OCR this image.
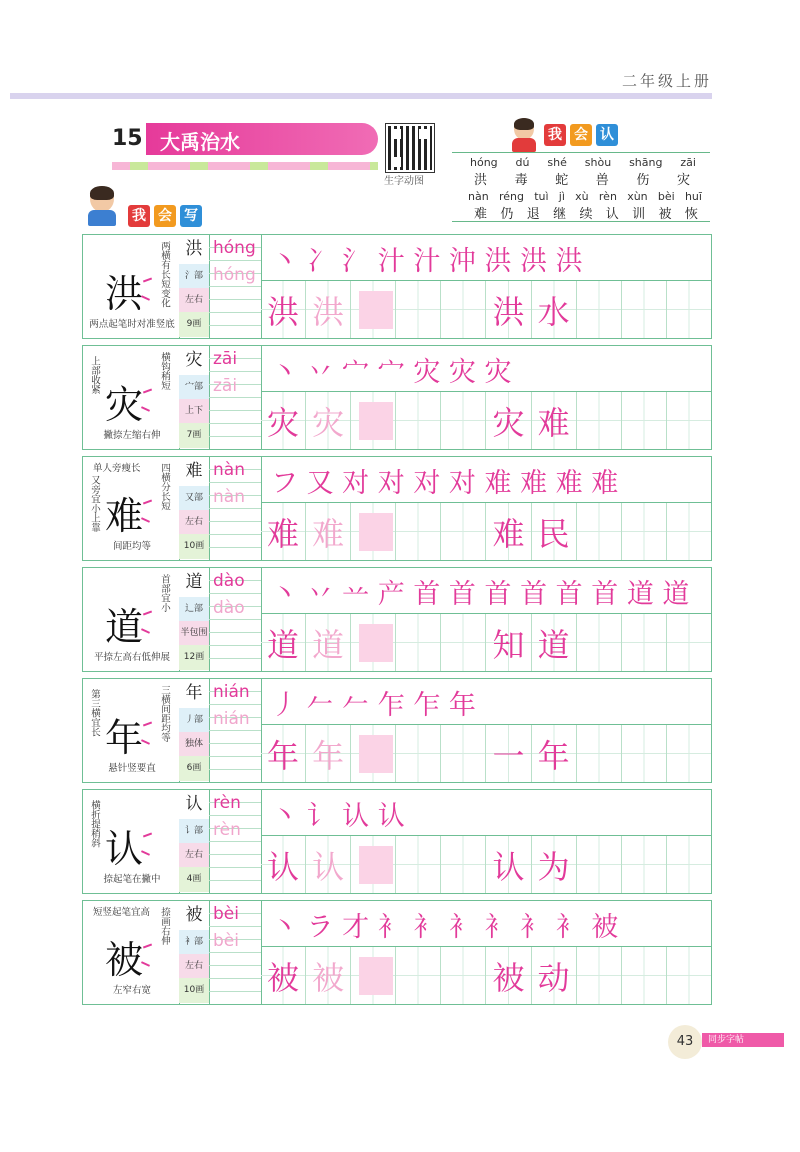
二年级上册
15 大禹治水
生字动图
我 会 认
hóng dú shé shòu shāng zāi
洪 毒 蛇 兽 伤 灾
nàn réng tuì jì xù rèn xùn bèi huī
难 仍 退 继 续 认 训 被 恢
我 会 写
洪 两横有长短变化
两点起笔时对准竖底
洪
氵部
左右
9画
hóng
hóng 丶 冫 氵 汁 汁 沖 洪 洪 洪
洪 洪	洪 水
灾
上部收紧	横钩稍短
撇捺左缩右伸
灾
宀部
上下
7画
zāi
zāi 丶 丷 宀 宀 灾 灾 灾
灾 灾	灾 难
难
单人旁瘦长
又旁宜小上靠	四横分长短
间距均等
难
又部
左右
10画
nàn
nàn フ 又 对 对 对 对 难 难 难 难
难 难	难 民
道
首部宜小
平捺左高右低伸展
道
辶部
半包围
12画
dào
dào 丶 丷 䒑 产 首 首 首 首 首 首 道 道
道 道	知 道
年
第三横宜长	三横间距均等
悬针竖要直
年
丿部
独体
6画
nián
nián 丿 𠂉 𠂉 乍 乍 年
年 年	一 年
认
横折提稍斜
捺起笔在撇中
认
讠部
左右
4画
rèn
rèn 丶 讠 认 认
认 认	认 为
被
短竖起笔宜高 捺画右伸
左窄右宽
被
衤部
左右
10画
bèi
bèi 丶 ラ 才 衤 衤 衤 衤 衤 衤 被
被 被	被 动
43	同步字帖
